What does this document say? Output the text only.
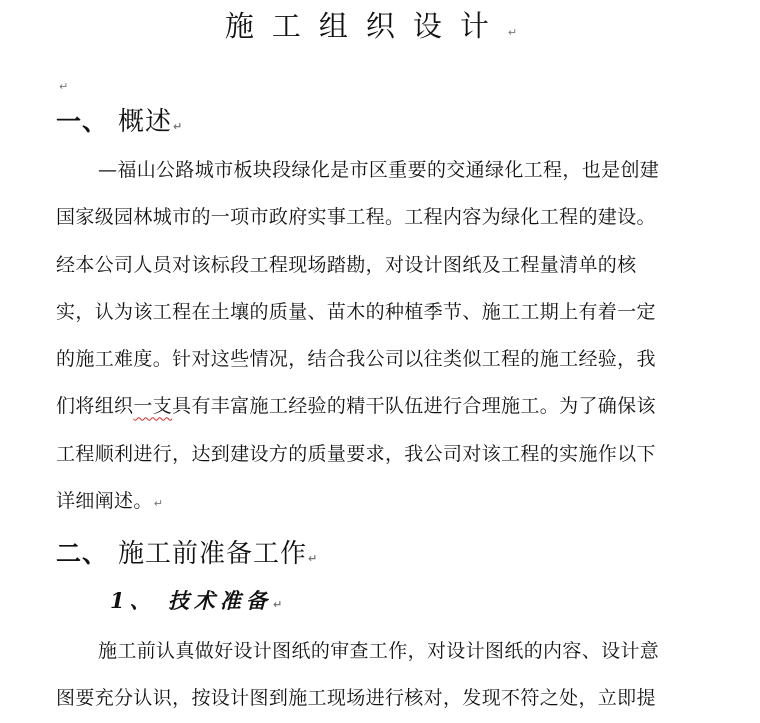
施工组织设计↵
↵
一、 概述↵
—福山公路城市板块段绿化是市区重要的交通绿化工程，也是创建
国家级园林城市的一项市政府实事工程。工程内容为绿化工程的建设。
经本公司人员对该标段工程现场踏勘，对设计图纸及工程量清单的核
实，认为该工程在土壤的质量、苗木的种植季节、施工工期上有着一定
的施工难度。针对这些情况，结合我公司以往类似工程的施工经验，我
们将组织一支具有丰富施工经验的精干队伍进行合理施工。为了确保该
工程顺利进行，达到建设方的质量要求，我公司对该工程的实施作以下
详细阐述。↵
二、 施工前准备工作↵
1、 技术准备↵
施工前认真做好设计图纸的审查工作，对设计图纸的内容、设计意
图要充分认识，按设计图到施工现场进行核对，发现不符之处，立即提
